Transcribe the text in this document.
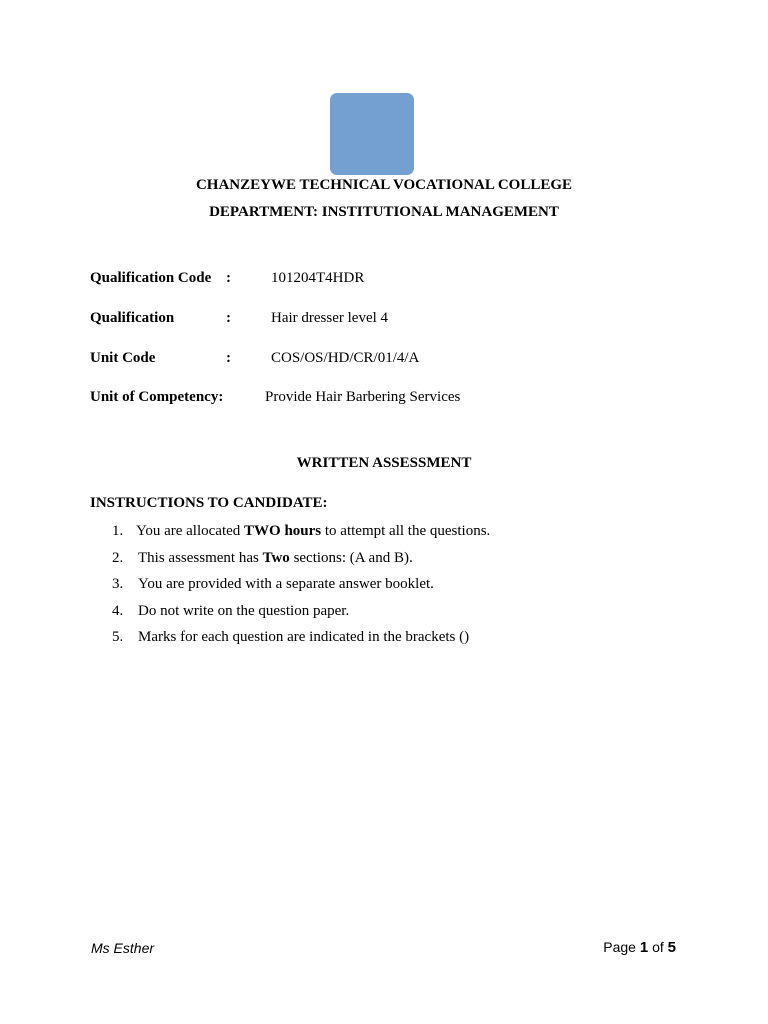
CHANZEYWE TECHNICAL VOCATIONAL COLLEGE
DEPARTMENT: INSTITUTIONAL MANAGEMENT
Qualification Code :	101204T4HDR
Qualification	:	Hair dresser level 4
Unit Code	:	COS/OS/HD/CR/01/4/A
Unit of Competency:	Provide Hair Barbering Services
WRITTEN ASSESSMENT
INSTRUCTIONS TO CANDIDATE:
1. You are allocated TWO hours to attempt all the questions.
2. This assessment has Two sections: (A and B).
3. You are provided with a separate answer booklet.
4. Do not write on the question paper.
5. Marks for each question are indicated in the brackets ()
Ms Esther	Page 1 of 5
